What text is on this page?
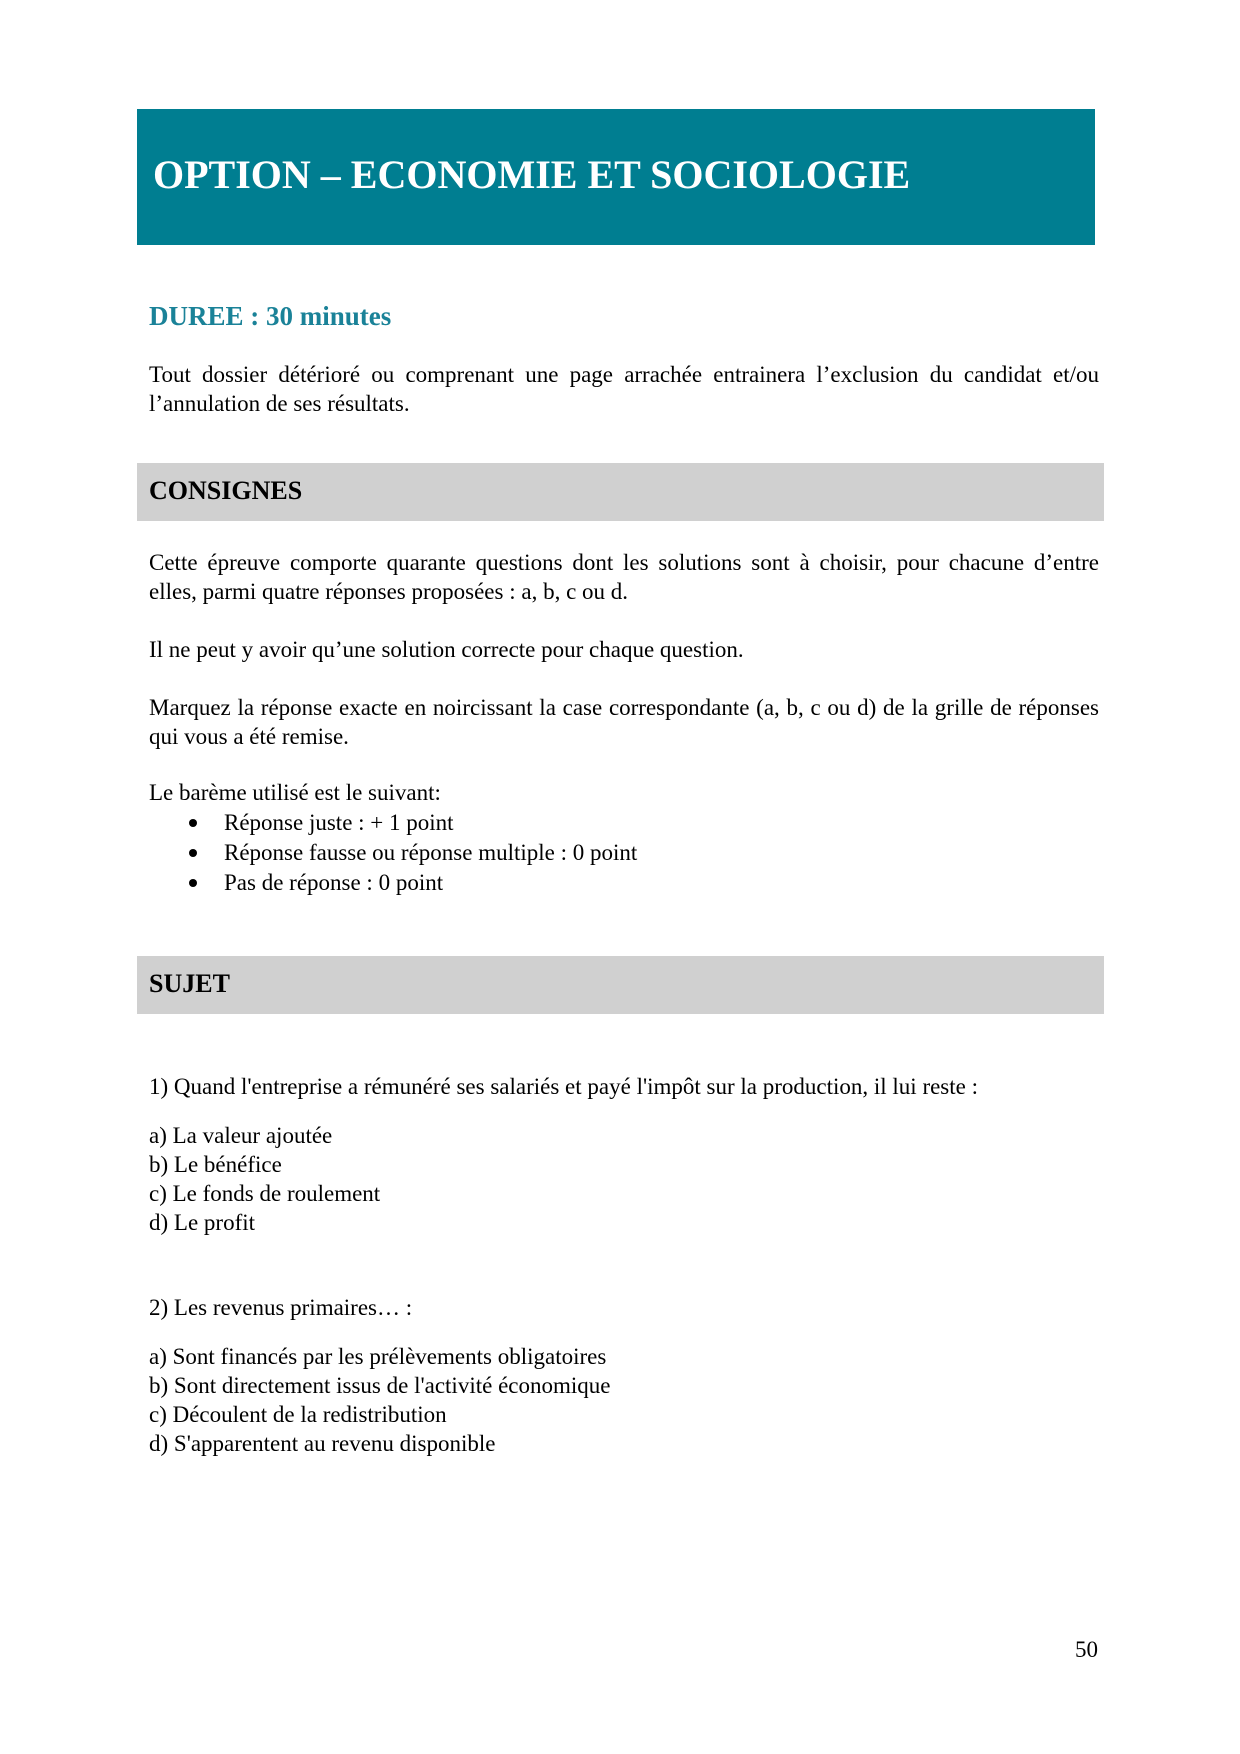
OPTION – ECONOMIE ET SOCIOLOGIE

DUREE : 30 minutes

Tout dossier détérioré ou comprenant une page arrachée entrainera l’exclusion du candidat et/ou l’annulation de ses résultats.

CONSIGNES

Cette épreuve comporte quarante questions dont les solutions sont à choisir, pour chacune d’entre elles, parmi quatre réponses proposées : a, b, c ou d.

Il ne peut y avoir qu’une solution correcte pour chaque question.

Marquez la réponse exacte en noircissant la case correspondante (a, b, c ou d) de la grille de réponses qui vous a été remise.

Le barème utilisé est le suivant:

Réponse juste : + 1 point
Réponse fausse ou réponse multiple : 0 point
Pas de réponse : 0 point
SUJET

1) Quand l'entreprise a rémunéré ses salariés et payé l'impôt sur la production, il lui reste :

a) La valeur ajoutée
b) Le bénéfice
c) Le fonds de roulement
d) Le profit

2) Les revenus primaires… :

a) Sont financés par les prélèvements obligatoires
b) Sont directement issus de l'activité économique
c) Découlent de la redistribution
d) S'apparentent au revenu disponible

50
